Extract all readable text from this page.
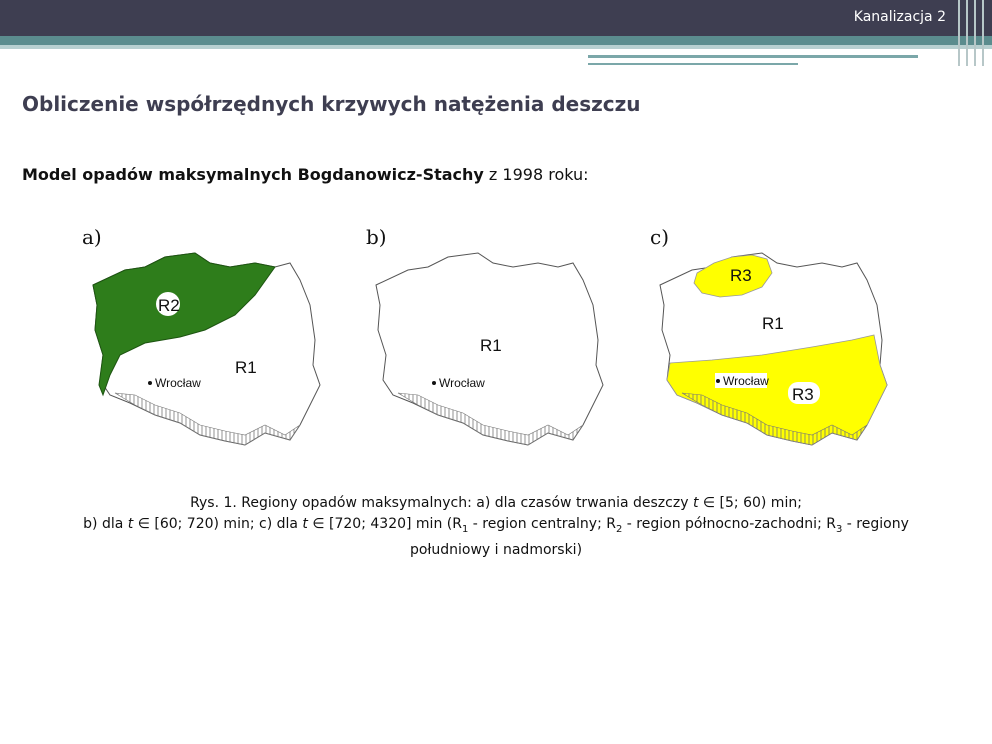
Kanalizacja 2
Obliczenie współrzędnych krzywych natężenia deszczu
Model opadów maksymalnych Bogdanowicz-Stachy z 1998 roku:
a)	b)	c)
R2
R1
Wrocław
R1
Wrocław
R3
R1
Wrocław
R3
Rys. 1. Regiony opadów maksymalnych: a) dla czasów trwania deszczy t ∈ [5; 60) min;
b) dla t ∈ [60; 720) min; c) dla t ∈ [720; 4320] $\min (R_1$ - region centralny; $R_2$ - region północno-zachodni; $R_3$ - regiony
południowy i nadmorski)
